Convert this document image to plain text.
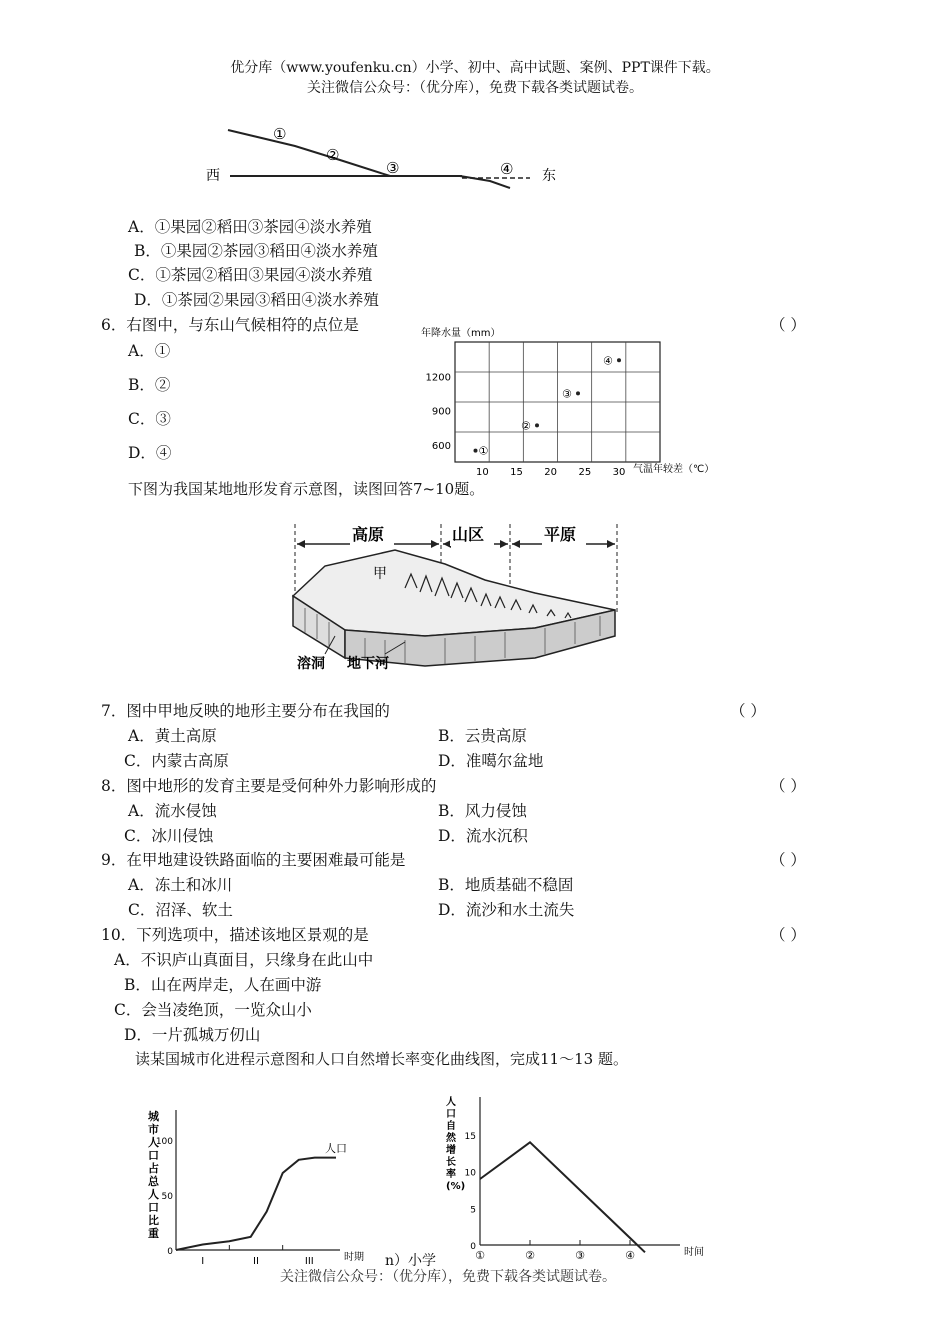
优分库（www.youfenku.cn）小学、初中、高中试题、案例、PPT课件下载。
关注微信公众号：（优分库），免费下载各类试题试卷。
西	东
①
②
③	④
A．①果园②稻田③茶园④淡水养殖
B．①果园②茶园③稻田④淡水养殖
C．①茶园②稻田③果园④淡水养殖
D．①茶园②果园③稻田④淡水养殖
6．右图中，与东山气候相符的点位是	（ ）
A．①
B．②
C．③
D．④
年降水量（mm）
600
900
1200
10 15 20 25 30
①
②
③
④
气温年较差（℃）
下图为我国某地地形发育示意图，读图回答7~10题。
高原	山区	平原
甲
溶洞 地下河
7．图中甲地反映的地形主要分布在我国的	（ ）
A．黄土高原	B．云贵高原
C．内蒙古高原	D．准噶尔盆地
8．图中地形的发育主要是受何种外力影响形成的	（ ）
A．流水侵蚀	B．风力侵蚀
C．冰川侵蚀	D．流水沉积
9．在甲地建设铁路面临的主要困难最可能是	（ ）
A．冻土和冰川	B．地质基础不稳固
C．沼泽、软土	D．流沙和水土流失
10．下列选项中，描述该地区景观的是	（ ）
A．不识庐山真面目，只缘身在此山中
B．山在两岸走，人在画中游
C．会当凌绝顶，一览众山小
D．一片孤城万仞山
读某国城市化进程示意图和人口自然增长率变化曲线图，完成11～13 题。
城
市
人
口
占
总
人
口
比
重
0
50
100
I	II	III
人口
时期
人
口
自
然
增
长
率
(%)
0
5
10
15
①	②	③	④	时间
n）小学
关注微信公众号：（优分库），免费下载各类试题试卷。
